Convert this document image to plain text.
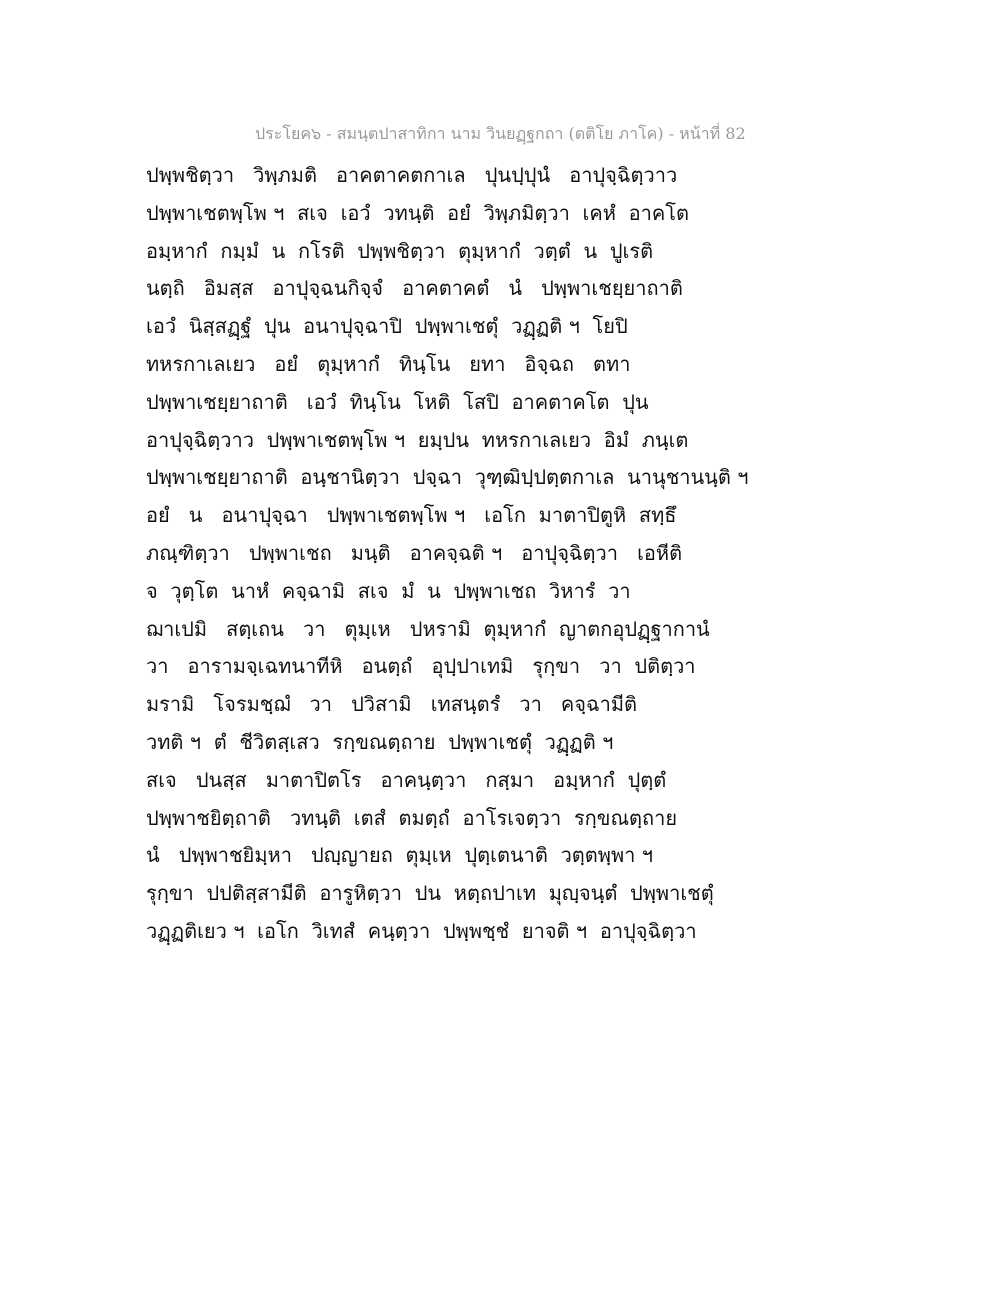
ประโยค๖ - สมนฺตปาสาทิกา นาม วินยฏฺฐกถา (ตติโย ภาโค) - หน้าที่ 82
ปพฺพชิตฺวา   วิพฺภมติ   อาคตาคตกาเล   ปุนปฺปุนํ   อาปุจฺฉิตฺวาว
ปพฺพาเชตพฺโพ ฯ  สเจ  เอวํ  วทนฺติ  อยํ  วิพฺภมิตฺวา  เคหํ  อาคโต
อมฺหากํ  กมฺมํ  น  กโรติ  ปพฺพชิตฺวา  ตุมฺหากํ  วตฺตํ  น  ปูเรติ
นตฺถิ   อิมสฺส   อาปุจฺฉนกิจฺจํ   อาคตาคตํ   นํ   ปพฺพาเชยฺยาถาติ
เอวํ  นิสฺสฏฺฐํ  ปุน  อนาปุจฺฉาปิ  ปพฺพาเชตุํ  วฏฺฏติ ฯ  โยปิ
ทหรกาเลเยว   อยํ   ตุมฺหากํ   ทินฺโน   ยทา   อิจฺฉถ   ตทา
ปพฺพาเชยฺยาถาติ   เอวํ  ทินฺโน  โหติ  โสปิ  อาคตาคโต  ปุน
อาปุจฺฉิตฺวาว  ปพฺพาเชตพฺโพ ฯ  ยมฺปน  ทหรกาเลเยว  อิมํ  ภนฺเต
ปพฺพาเชยฺยาถาติ  อนฺชานิตฺวา  ปจฺฉา  วุฑฺฒิปฺปตฺตกาเล  นานุชานนฺติ ฯ
อยํ   น   อนาปุจฺฉา   ปพฺพาเชตพฺโพ ฯ   เอโก  มาตาปิตูหิ  สทฺธึ
ภณฺฑิตฺวา   ปพฺพาเชถ   มนฺติ   อาคจฺฉติ ฯ   อาปุจฺฉิตฺวา   เอหีติ
จ  วุตฺโต  นาหํ  คจฺฉามิ  สเจ  มํ  น  ปพฺพาเชถ  วิหารํ  วา
ฌาเปมิ   สตฺเถน   วา   ตุมฺเห   ปหรามิ  ตุมฺหากํ  ญาตกอุปฏฺฐากานํ
วา   อารามจฺเฉทนาทีหิ   อนตฺถํ   อุปฺปาเทมิ   รุกฺขา   วา  ปติตฺวา
มรามิ   โจรมชฺฌํ   วา   ปวิสามิ   เทสนฺตรํ   วา   คจฺฉามีติ
วทติ ฯ  ตํ  ชีวิตสฺเสว  รกฺขณตฺถาย  ปพฺพาเชตุํ  วฏฺฏติ ฯ
สเจ   ปนสฺส   มาตาปิตโร   อาคนฺตฺวา   กสฺมา   อมฺหากํ  ปุตฺตํ
ปพฺพาชยิตฺถาติ   วทนฺติ  เตสํ  ตมตฺถํ  อาโรเจตฺวา  รกฺขณตฺถาย
นํ   ปพฺพาชยิมฺหา   ปญฺญายถ  ตุมฺเห  ปุตฺเตนาติ  วตฺตพฺพา ฯ
รุกฺขา  ปปติสฺสามีติ  อารูหิตฺวา  ปน  หตฺถปาเท  มุญฺจนฺตํ  ปพฺพาเชตุํ
วฏฺฏติเยว ฯ  เอโก  วิเทสํ  คนฺตฺวา  ปพฺพชฺชํ  ยาจติ ฯ  อาปุจฺฉิตฺวา
